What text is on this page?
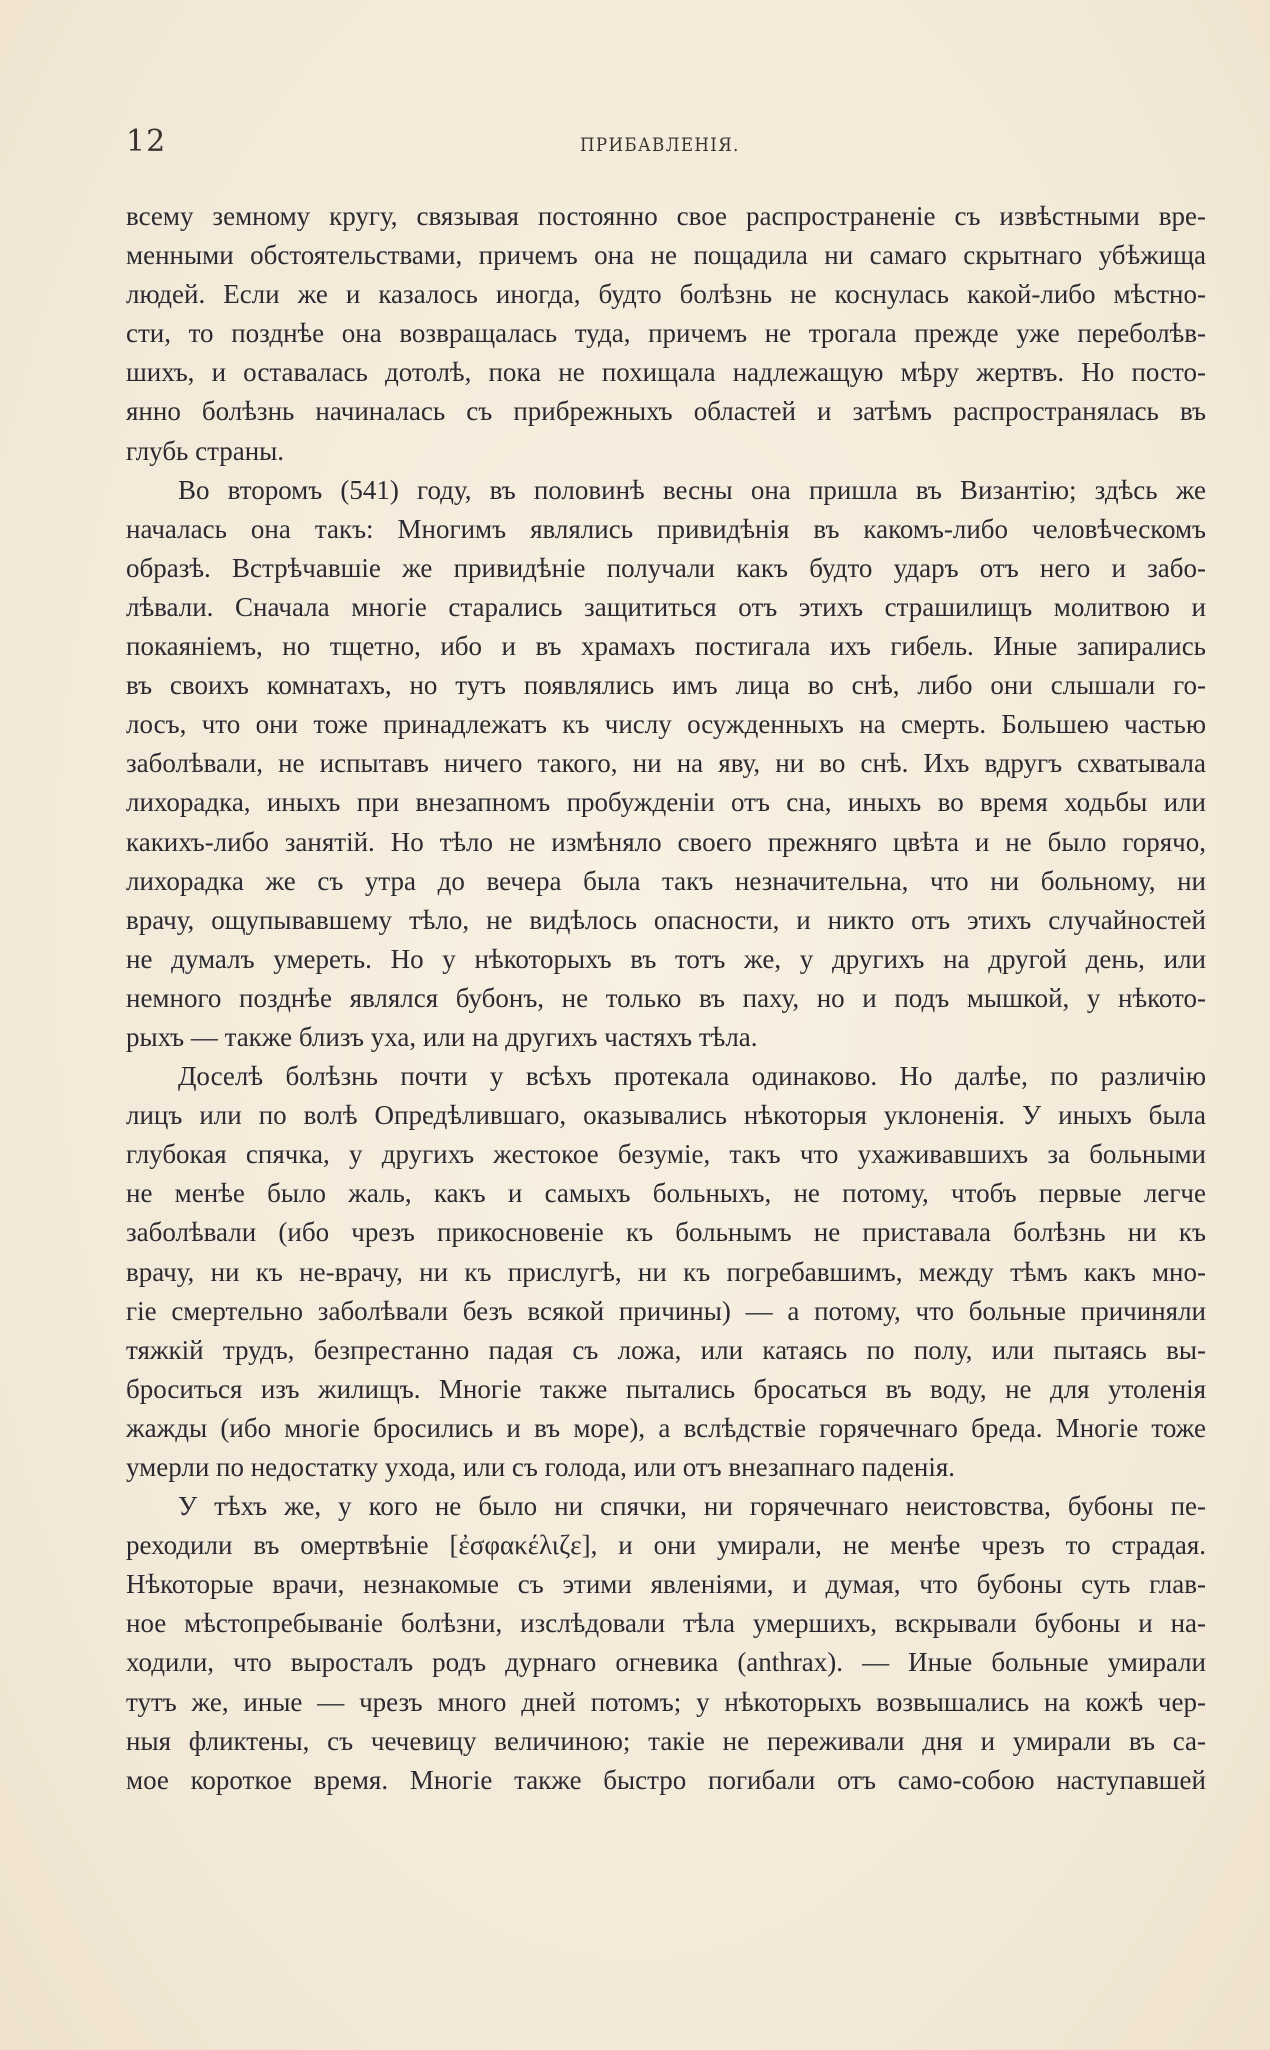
12	ПРИБАВЛЕНІЯ.
всему земному кругу, связывая постоянно свое распространеніе съ извѣстными вре-
менными обстоятельствами, причемъ она не пощадила ни самаго скрытнаго убѣжища
людей. Если же и казалось иногда, будто болѣзнь не коснулась какой-либо мѣстно-
сти, то позднѣе она возвращалась туда, причемъ не трогала прежде уже переболѣв-
шихъ, и оставалась дотолѣ, пока не похищала надлежащую мѣру жертвъ. Но посто-
янно болѣзнь начиналась съ прибрежныхъ областей и затѣмъ распространялась въ
глубь страны.
Во второмъ (541) году, въ половинѣ весны она пришла въ Византію; здѣсь же
началась она такъ: Многимъ являлись привидѣнія въ какомъ-либо человѣческомъ
образѣ. Встрѣчавшіе же привидѣніе получали какъ будто ударъ отъ него и забо-
лѣвали. Сначала многіе старались защититься отъ этихъ страшилищъ молитвою и
покаяніемъ, но тщетно, ибо и въ храмахъ постигала ихъ гибель. Иные запирались
въ своихъ комнатахъ, но тутъ появлялись имъ лица во снѣ, либо они слышали го-
лосъ, что они тоже принадлежатъ къ числу осужденныхъ на смерть. Большею частью
заболѣвали, не испытавъ ничего такого, ни на яву, ни во снѣ. Ихъ вдругъ схватывала
лихорадка, иныхъ при внезапномъ пробужденіи отъ сна, иныхъ во время ходьбы или
какихъ-либо занятій. Но тѣло не измѣняло своего прежняго цвѣта и не было горячо,
лихорадка же съ утра до вечера была такъ незначительна, что ни больному, ни
врачу, ощупывавшему тѣло, не видѣлось опасности, и никто отъ этихъ случайностей
не думалъ умереть. Но у нѣкоторыхъ въ тотъ же, у другихъ на другой день, или
немного позднѣе являлся бубонъ, не только въ паху, но и подъ мышкой, у нѣкото-
рыхъ — также близъ уха, или на другихъ частяхъ тѣла.
Доселѣ болѣзнь почти у всѣхъ протекала одинаково. Но далѣе, по различію
лицъ или по волѣ Опредѣлившаго, оказывались нѣкоторыя уклоненія. У иныхъ была
глубокая спячка, у другихъ жестокое безуміе, такъ что ухаживавшихъ за больными
не менѣе было жаль, какъ и самыхъ больныхъ, не потому, чтобъ первые легче
заболѣвали (ибо чрезъ прикосновеніе къ больнымъ не приставала болѣзнь ни къ
врачу, ни къ не-врачу, ни къ прислугѣ, ни къ погребавшимъ, между тѣмъ какъ мно-
гіе смертельно заболѣвали безъ всякой причины) — а потому, что больные причиняли
тяжкій трудъ, безпрестанно падая съ ложа, или катаясь по полу, или пытаясь вы-
броситься изъ жилищъ. Многіе также пытались бросаться въ воду, не для утоленія
жажды (ибо многіе бросились и въ море), а вслѣдствіе горячечнаго бреда. Многіе тоже
умерли по недостатку ухода, или съ голода, или отъ внезапнаго паденія.
У тѣхъ же, у кого не было ни спячки, ни горячечнаго неистовства, бубоны пе-
реходили въ омертвѣніе [ἐσφακέλιζε], и они умирали, не менѣе чрезъ то страдая.
Нѣкоторые врачи, незнакомые съ этими явленіями, и думая, что бубоны суть глав-
ное мѣстопребываніе болѣзни, изслѣдовали тѣла умершихъ, вскрывали бубоны и на-
ходили, что выросталъ родъ дурнаго огневика (anthrax). — Иные больные умирали
тутъ же, иные — чрезъ много дней потомъ; у нѣкоторыхъ возвышались на кожѣ чер-
ныя фликтены, съ чечевицу величиною; такіе не переживали дня и умирали въ са-
мое короткое время. Многіе также быстро погибали отъ само-собою наступавшей
